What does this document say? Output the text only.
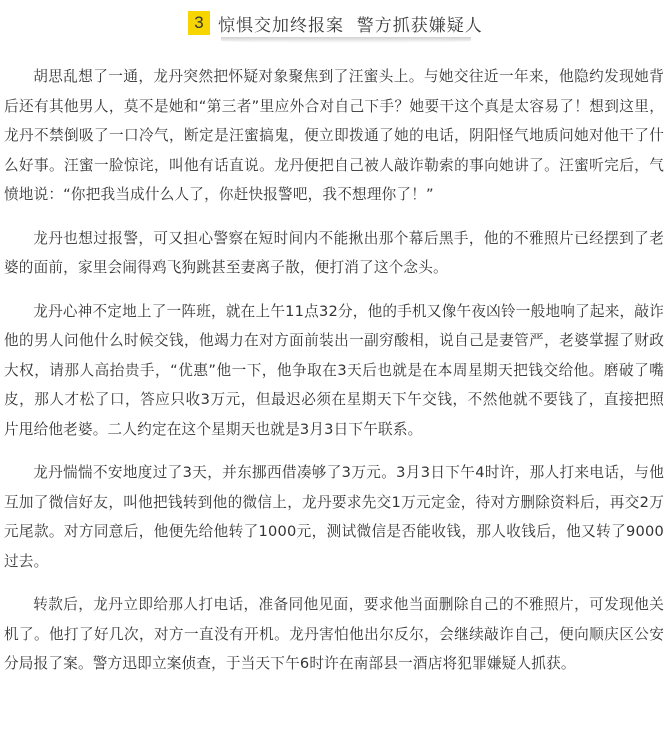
3 惊惧交加终报案  警方抓获嫌疑人

胡思乱想了一通，龙丹突然把怀疑对象聚焦到了汪蜜头上。与她交往近一年来，他隐约发现她背后还有其他男人，莫不是她和“第三者”里应外合对自己下手？她要干这个真是太容易了！想到这里，龙丹不禁倒吸了一口冷气，断定是汪蜜搞鬼，便立即拨通了她的电话，阴阳怪气地质问她对他干了什么好事。汪蜜一脸惊诧，叫他有话直说。龙丹便把自己被人敲诈勒索的事向她讲了。汪蜜听完后，气愤地说：“你把我当成什么人了，你赶快报警吧，我不想理你了！”

龙丹也想过报警，可又担心警察在短时间内不能揪出那个幕后黑手，他的不雅照片已经摆到了老婆的面前，家里会闹得鸡飞狗跳甚至妻离子散，便打消了这个念头。

龙丹心神不定地上了一阵班，就在上午11点32分，他的手机又像午夜凶铃一般地响了起来，敲诈他的男人问他什么时候交钱，他竭力在对方面前装出一副穷酸相，说自己是妻管严，老婆掌握了财政大权，请那人高抬贵手，“优惠”他一下，他争取在3天后也就是在本周星期天把钱交给他。磨破了嘴皮，那人才松了口，答应只收3万元，但最迟必须在星期天下午交钱，不然他就不要钱了，直接把照片甩给他老婆。二人约定在这个星期天也就是3月3日下午联系。

龙丹惴惴不安地度过了3天，并东挪西借凑够了3万元。3月3日下午4时许，那人打来电话，与他互加了微信好友，叫他把钱转到他的微信上，龙丹要求先交1万元定金，待对方删除资料后，再交2万元尾款。对方同意后，他便先给他转了1000元，测试微信是否能收钱，那人收钱后，他又转了9000过去。

转款后，龙丹立即给那人打电话，准备同他见面，要求他当面删除自己的不雅照片，可发现他关机了。他打了好几次，对方一直没有开机。龙丹害怕他出尔反尔，会继续敲诈自己，便向顺庆区公安分局报了案。警方迅即立案侦查，于当天下午6时许在南部县一酒店将犯罪嫌疑人抓获。
